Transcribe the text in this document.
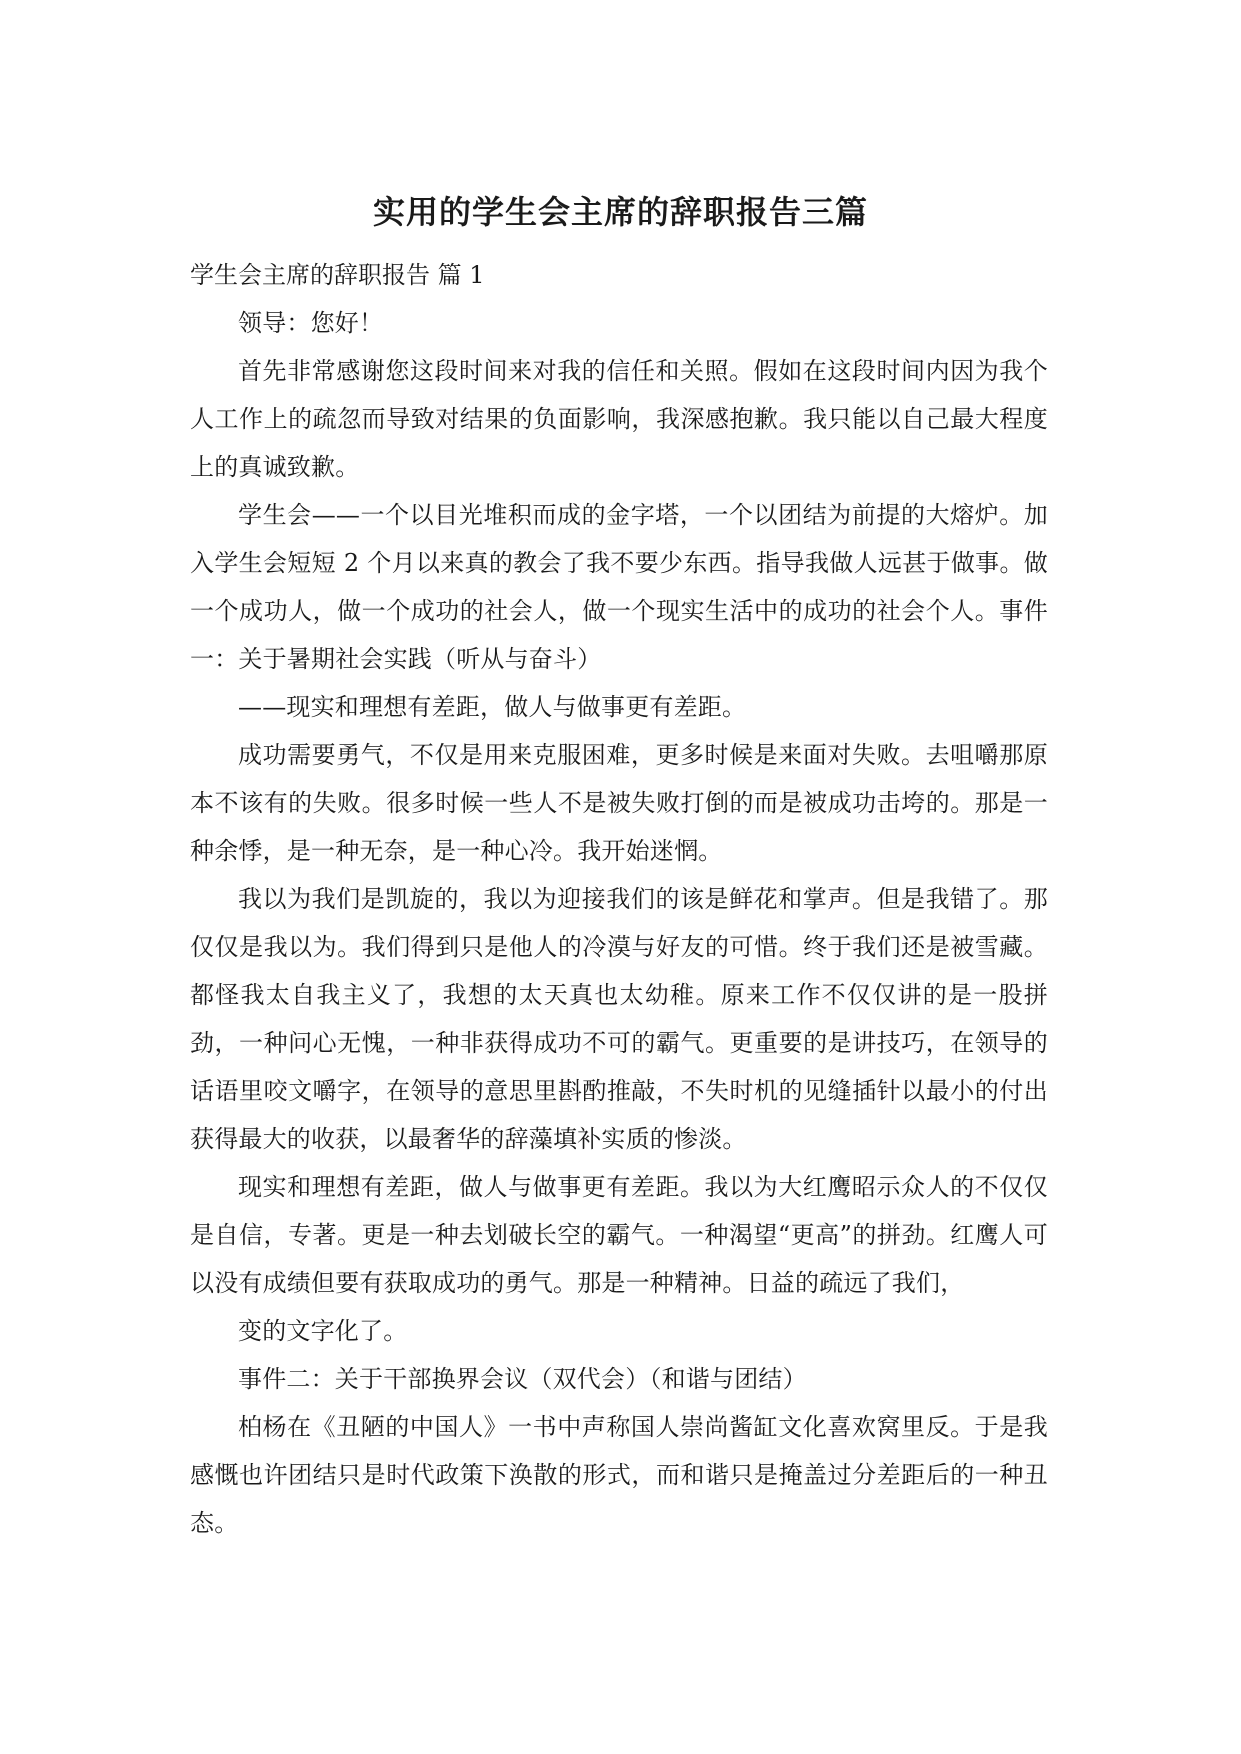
实用的学生会主席的辞职报告三篇
学生会主席的辞职报告 篇 1

领导：您好！

首先非常感谢您这段时间来对我的信任和关照。假如在这段时间内因为我个人工作上的疏忽而导致对结果的负面影响，我深感抱歉。我只能以自己最大程度上的真诚致歉。

学生会——一个以目光堆积而成的金字塔，一个以团结为前提的大熔炉。加入学生会短短 2 个月以来真的教会了我不要少东西。指导我做人远甚于做事。做一个成功人，做一个成功的社会人，做一个现实生活中的成功的社会个人。事件一：关于暑期社会实践（听从与奋斗）

——现实和理想有差距，做人与做事更有差距。

成功需要勇气，不仅是用来克服困难，更多时候是来面对失败。去咀嚼那原本不该有的失败。很多时候一些人不是被失败打倒的而是被成功击垮的。那是一种余悸，是一种无奈，是一种心冷。我开始迷惘。

我以为我们是凯旋的，我以为迎接我们的该是鲜花和掌声。但是我错了。那仅仅是我以为。我们得到只是他人的冷漠与好友的可惜。终于我们还是被雪藏。都怪我太自我主义了，我想的太天真也太幼稚。原来工作不仅仅讲的是一股拼劲，一种问心无愧，一种非获得成功不可的霸气。更重要的是讲技巧，在领导的话语里咬文嚼字，在领导的意思里斟酌推敲，不失时机的见缝插针以最小的付出获得最大的收获，以最奢华的辞藻填补实质的惨淡。

现实和理想有差距，做人与做事更有差距。我以为大红鹰昭示众人的不仅仅是自信，专著。更是一种去划破长空的霸气。一种渴望“更高”的拼劲。红鹰人可以没有成绩但要有获取成功的勇气。那是一种精神。日益的疏远了我们，

变的文字化了。

事件二：关于干部换界会议（双代会）（和谐与团结）

柏杨在《丑陋的中国人》一书中声称国人崇尚酱缸文化喜欢窝里反。于是我感慨也许团结只是时代政策下涣散的形式，而和谐只是掩盖过分差距后的一种丑态。
